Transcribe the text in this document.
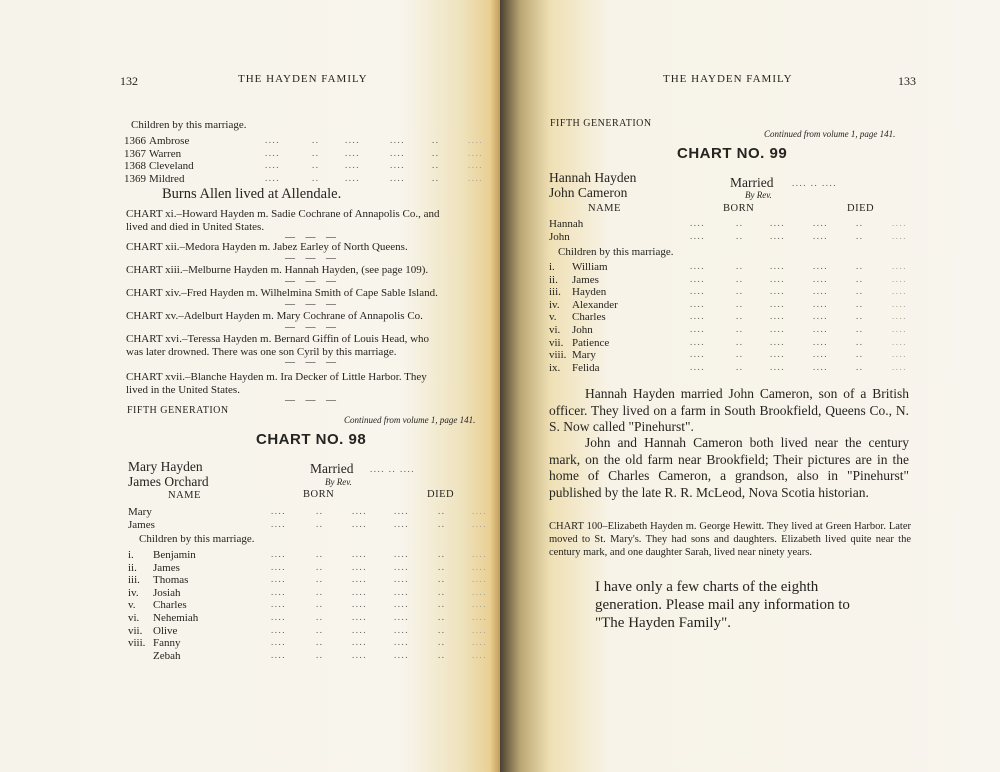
132	THE HAYDEN FAMILY
Children by this marriage.
1366 Ambrose	....	..	....	....	..	....
1367 Warren	....	..	....	....	..	....
1368 Cleveland	....	..	....	....	..	....
1369 Mildred	....	..	....	....	..	....
Burns Allen lived at Allendale.
CHART xi.–Howard Hayden m. Sadie Cochrane of Annapolis Co., and
lived and died in United States.
— — —
CHART xii.–Medora Hayden m. Jabez Earley of North Queens.
— — —
CHART xiii.–Melburne Hayden m. Hannah Hayden, (see page 109).
— — —
CHART xiv.–Fred Hayden m. Wilhelmina Smith of Cape Sable Island.
— — —
CHART xv.–Adelburt Hayden m. Mary Cochrane of Annapolis Co.
— — —
CHART xvi.–Teressa Hayden m. Bernard Giffin of Louis Head, who
was later drowned. There was one son Cyril by this marriage.
— — —
CHART xvii.–Blanche Hayden m. Ira Decker of Little Harbor. They
lived in the United States.
— — —
FIFTH GENERATION
Continued from volume 1, page 141.
CHART NO. 98
Mary Hayden
James Orchard
Married .... .. ....
By Rev.
NAME	BORN	DIED
Mary	....	..	....	....	..	....
James	....	..	....	....	..	....
Children by this marriage.
i. Benjamin	....	..	....	....	..	....
ii. James	....	..	....	....	..	....
iii. Thomas	....	..	....	....	..	....
iv. Josiah	....	..	....	....	..	....
v. Charles	....	..	....	....	..	....
vi. Nehemiah	....	..	....	....	..	....
vii. Olive	....	..	....	....	..	....
viii. Fanny	....	..	....	....	..	....
Zebah	....	..	....	....	..	....
THE HAYDEN FAMILY	133
FIFTH GENERATION
Continued from volume 1, page 141.
CHART NO. 99
Hannah Hayden
John Cameron
Married .... .. ....
By Rev.
NAME	BORN	DIED
Hannah	....	..	....	....	..	....
John	....	..	....	....	..	....
Children by this marriage.
i. William	....	..	....	....	..	....
ii. James	....	..	....	....	..	....
iii. Hayden	....	..	....	....	..	....
iv. Alexander	....	..	....	....	..	....
v. Charles	....	..	....	....	..	....
vi. John	....	..	....	....	..	....
vii. Patience	....	..	....	....	..	....
viii. Mary	....	..	....	....	..	....
ix. Felida	....	..	....	....	..	....
Hannah Hayden married John Cameron, son of a British officer. They lived on a farm in South Brookfield, Queens Co., N. S. Now called "Pinehurst".
John and Hannah Cameron both lived near the century mark, on the old farm near Brookfield; Their pictures are in the home of Charles Cameron, a grandson, also in "Pinehurst" published by the late R. R. McLeod, Nova Scotia historian.
CHART 100–Elizabeth Hayden m. George Hewitt. They lived at Green Harbor. Later moved to St. Mary's. They had sons and daughters. Elizabeth lived quite near the century mark, and one daughter Sarah, lived near ninety years.
I have only a few charts of the eighth generation. Please mail any information to "The Hayden Family".
